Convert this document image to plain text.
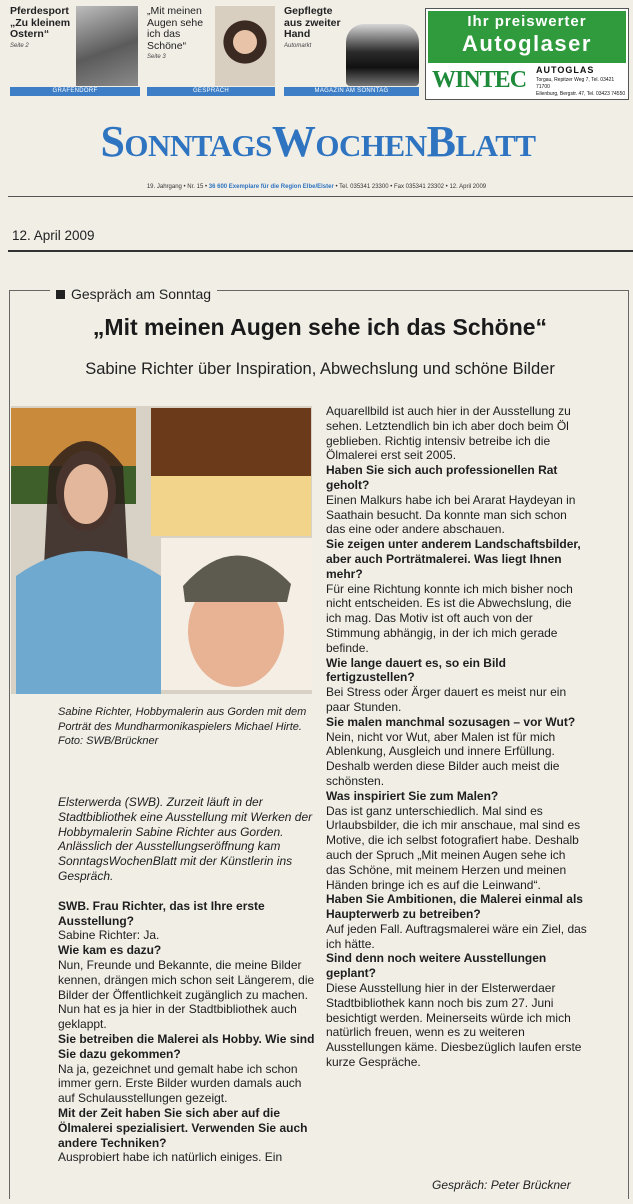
Pferdesport „Zu kleinem Ostern“
Seite 2
GRÄFENDORF
„Mit meinen Augen sehe ich das Schöne“
Seite 3
GESPRÄCH
Gepflegte aus zweiter Hand
Automarkt
MAGAZIN AM SONNTAG
Ihr preiswerter
Autoglaser
WINTEC AUTOGLAS
Torgau, Repitzer Weg 7, Tel. 03421 71700
Eilenburg, Bergstr. 47, Tel. 03423 74550
SonntagsWochenBlatt
19. Jahrgang • Nr. 15 • 36 600 Exemplare für die Region Elbe/Elster • Tel. 035341 23300 • Fax 035341 23302 • 12. April 2009
12. April 2009
Gespräch am Sonntag
„Mit meinen Augen sehe ich das Schöne“
Sabine Richter über Inspiration, Abwechslung und schöne Bilder
Sabine Richter, Hobbymalerin aus Gorden mit dem Porträt des Mundharmonikaspielers Michael Hirte. Foto: SWB/Brückner

Elsterwerda (SWB). Zurzeit läuft in der Stadtbibliothek eine Ausstellung mit Werken der Hobbymalerin Sabine Richter aus Gorden. Anlässlich der Ausstellungseröffnung kam SonntagsWochenBlatt mit der Künstlerin ins Gespräch.

SWB. Frau Richter, das ist Ihre erste Ausstellung?

Sabine Richter: Ja.

Wie kam es dazu?

Nun, Freunde und Bekannte, die meine Bilder kennen, drängen mich schon seit Längerem, die Bilder der Öffentlichkeit zugänglich zu machen. Nun hat es ja hier in der Stadtbibliothek auch geklappt.

Sie betreiben die Malerei als Hobby. Wie sind Sie dazu gekommen?

Na ja, gezeichnet und gemalt habe ich schon immer gern. Erste Bilder wurden damals auch auf Schulausstellungen gezeigt.

Mit der Zeit haben Sie sich aber auf die Ölmalerei spezialisiert. Verwenden Sie auch andere Techniken?

Ausprobiert habe ich natürlich einiges. Ein

Aquarellbild ist auch hier in der Ausstellung zu sehen. Letztendlich bin ich aber doch beim Öl geblieben. Richtig intensiv betreibe ich die Ölmalerei erst seit 2005.

Haben Sie sich auch professionellen Rat geholt?

Einen Malkurs habe ich bei Ararat Haydeyan in Saathain besucht. Da konnte man sich schon das eine oder andere abschauen.

Sie zeigen unter anderem Landschaftsbilder, aber auch Porträtmalerei. Was liegt Ihnen mehr?

Für eine Richtung konnte ich mich bisher noch nicht entscheiden. Es ist die Abwechslung, die ich mag. Das Motiv ist oft auch von der Stimmung abhängig, in der ich mich gerade befinde.

Wie lange dauert es, so ein Bild fertigzustellen?

Bei Stress oder Ärger dauert es meist nur ein paar Stunden.

Sie malen manchmal sozusagen – vor Wut?

Nein, nicht vor Wut, aber Malen ist für mich Ablenkung, Ausgleich und innere Erfüllung. Deshalb werden diese Bilder auch meist die schönsten.

Was inspiriert Sie zum Malen?

Das ist ganz unterschiedlich. Mal sind es Urlaubsbilder, die ich mir anschaue, mal sind es Motive, die ich selbst fotografiert habe. Deshalb auch der Spruch „Mit meinen Augen sehe ich das Schöne, mit meinem Herzen und meinen Händen bringe ich es auf die Leinwand“.

Haben Sie Ambitionen, die Malerei einmal als Haupterwerb zu betreiben?

Auf jeden Fall. Auftragsmalerei wäre ein Ziel, das ich hätte.

Sind denn noch weitere Ausstellungen geplant?

Diese Ausstellung hier in der Elsterwerdaer Stadtbibliothek kann noch bis zum 27. Juni besichtigt werden. Meinerseits würde ich mich natürlich freuen, wenn es zu weiteren Ausstellungen käme. Diesbezüglich laufen erste kurze Gespräche.

Gespräch: Peter Brückner
